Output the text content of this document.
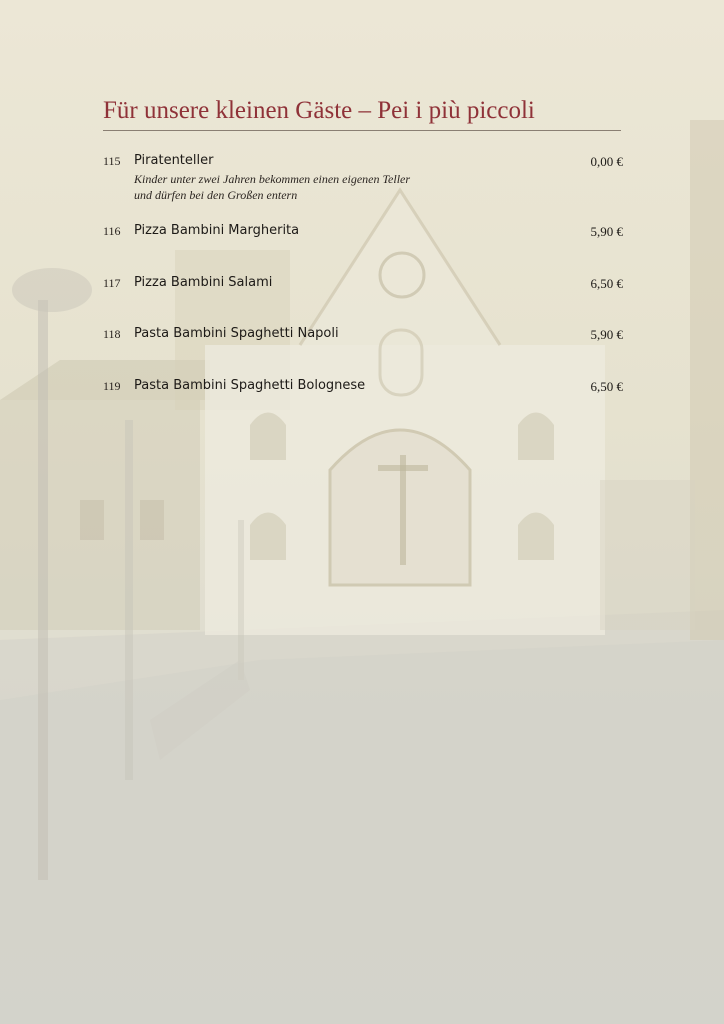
Für unsere kleinen Gäste – Pei i più piccoli
115 Piratenteller	0,00 €
Kinder unter zwei Jahren bekommen einen eigenen Teller
und dürfen bei den Großen entern
116 Pizza Bambini Margherita	5,90 €
117 Pizza Bambini Salami	6,50 €
118 Pasta Bambini Spaghetti Napoli	5,90 €
119 Pasta Bambini Spaghetti Bolognese	6,50 €
